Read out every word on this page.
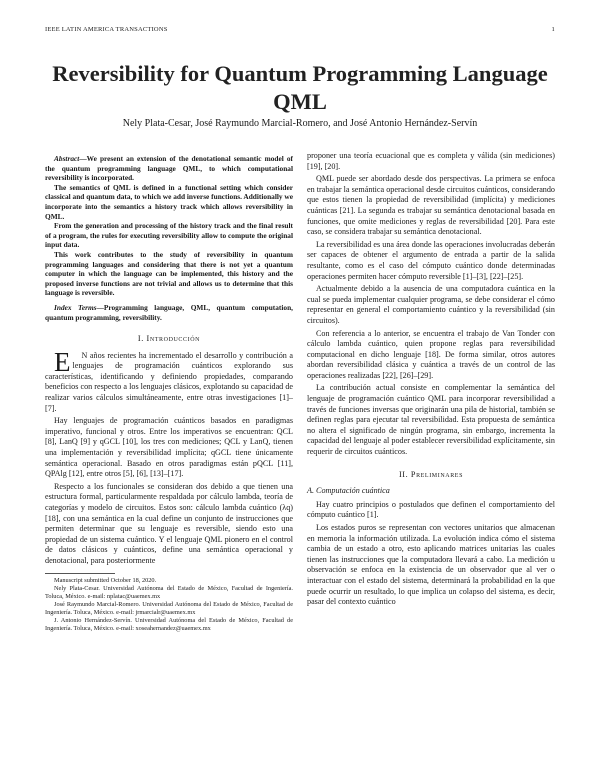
IEEE LATIN AMERICA TRANSACTIONS	1
Reversibility for Quantum Programming Language QML
Nely Plata-Cesar, José Raymundo Marcial-Romero, and José Antonio Hernández-Servín

Abstract—We present an extension of the denotational semantic model of the quantum programming language QML, to which computational reversibility is incorporated.

The semantics of QML is defined in a functional setting which consider classical and quantum data, to which we add inverse functions. Additionally we incorporate into the semantics a history track which allows reversibility in QML.

From the generation and processing of the history track and the final result of a program, the rules for executing reversibility allow to compute the original input data.

This work contributes to the study of reversibility in quantum programming languages and considering that there is not yet a quantum computer in which the language can be implemented, this history and the proposed inverse functions are not trivial and allows us to determine that this language is reversible.

Index Terms—Programming language, QML, quantum computation, quantum programming, reversibility.
I. Introducción

E N años recientes ha incrementado el desarrollo y contribución a lenguajes de programación cuánticos explorando sus características, identificando y definiendo propiedades, comparando beneficios con respecto a los lenguajes clásicos, explotando su capacidad de realizar varios cálculos simultáneamente, entre otras investigaciones [1]–[7].

Hay lenguajes de programación cuánticos basados en paradigmas imperativo, funcional y otros. Entre los imperativos se encuentran: QCL [8], LanQ [9] y qGCL [10], los tres con mediciones; QCL y LanQ, tienen una implementación y reversibilidad implícita; qGCL tiene únicamente semántica operacional. Basado en otros paradigmas están pQCL [11], QPAlg [12], entre otros [5], [6], [13]–[17].

Respecto a los funcionales se consideran dos debido a que tienen una estructura formal, particularmente respaldada por cálculo lambda, teoría de categorías y modelo de circuitos. Estos son: cálculo lambda cuántico (λq) [18], con una semántica en la cual define un conjunto de instrucciones que permiten determinar que su lenguaje es reversible, siendo esto una propiedad de un sistema cuántico. Y el lenguaje QML pionero en el control de datos clásicos y cuánticos, define una semántica operacional y denotacional, para posteriormente

Manuscript submitted October 18, 2020.

Nely Plata-Cesar. Universidad Autónoma del Estado de México, Facultad de Ingeniería. Toluca, México. e-mail: nplatac@uaemex.mx

José Raymundo Marcial-Romero. Universidad Autónoma del Estado de México, Facultad de Ingeniería. Toluca, México. e-mail: jrmarcialr@uaemex.mx

J. Antonio Hernández-Servín. Universidad Autónoma del Estado de México, Facultad de Ingeniería. Toluca, México. e-mail: xoseahernandez@uaemex.mx

proponer una teoría ecuacional que es completa y válida (sin mediciones) [19], [20].

QML puede ser abordado desde dos perspectivas. La primera se enfoca en trabajar la semántica operacional desde circuitos cuánticos, considerando que estos tienen la propiedad de reversibilidad (implícita) y mediciones cuánticas [21]. La segunda es trabajar su semántica denotacional basada en funciones, que omite mediciones y reglas de reversibilidad [20]. Para este caso, se considera trabajar su semántica denotacional.

La reversibilidad es una área donde las operaciones involucradas deberán ser capaces de obtener el argumento de entrada a partir de la salida resultante, como es el caso del cómputo cuántico donde determinadas operaciones permiten hacer cómputo reversible [1]–[3], [22]–[25].

Actualmente debido a la ausencia de una computadora cuántica en la cual se pueda implementar cualquier programa, se debe considerar el cómo representar en general el comportamiento cuántico y la reversibilidad (sin circuitos).

Con referencia a lo anterior, se encuentra el trabajo de Van Tonder con cálculo lambda cuántico, quien propone reglas para reversibilidad computacional en dicho lenguaje [18]. De forma similar, otros autores abordan reversibilidad clásica y cuántica a través de un control de las operaciones realizadas [22], [26]–[29].

La contribución actual consiste en complementar la semántica del lenguaje de programación cuántico QML para incorporar reversibilidad a través de funciones inversas que originarán una pila de historial, también se definen reglas para ejecutar tal reversibilidad. Esta propuesta de semántica no altera el significado de ningún programa, sin embargo, incrementa la capacidad del lenguaje al poder establecer reversibilidad explícitamente, sin requerir de circuitos cuánticos.

II. Preliminares
A. Computación cuántica

Hay cuatro principios o postulados que definen el comportamiento del cómputo cuántico [1].

Los estados puros se representan con vectores unitarios que almacenan en memoria la información utilizada. La evolución indica cómo el sistema cambia de un estado a otro, esto aplicando matrices unitarias las cuales tienen las instrucciones que la computadora llevará a cabo. La medición u observación se enfoca en la existencia de un observador que al ver o interactuar con el estado del sistema, determinará la probabilidad en la que puede ocurrir un resultado, lo que implica un colapso del sistema, es decir, pasar del contexto cuántico
